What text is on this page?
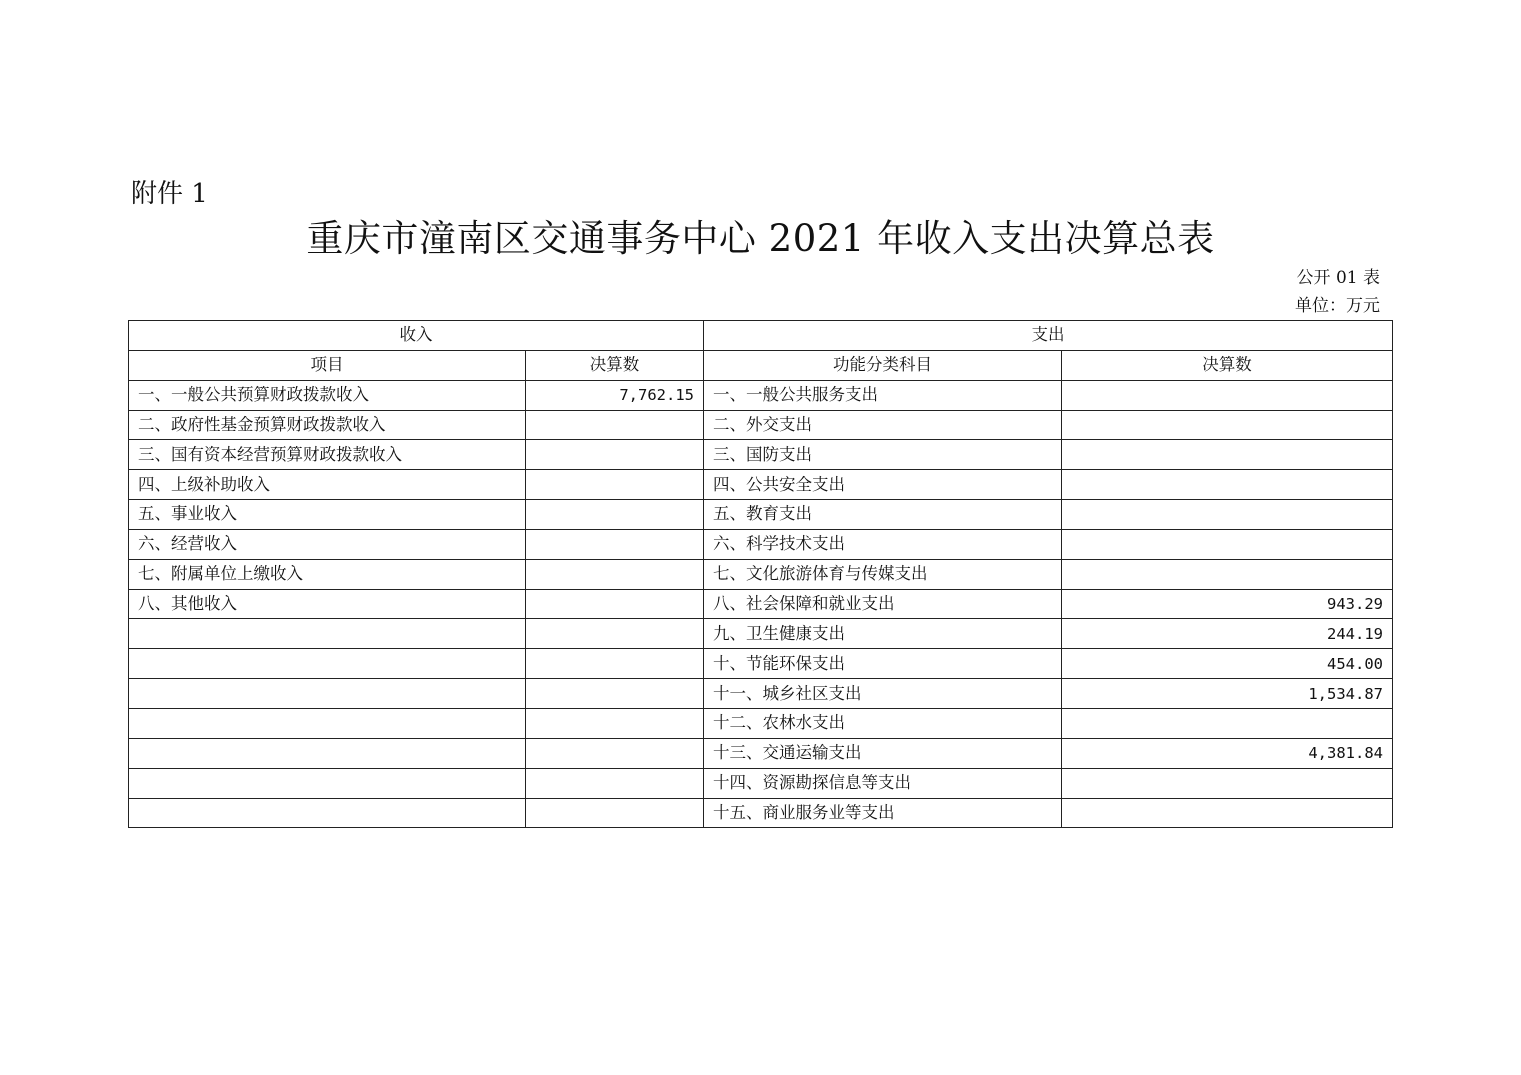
附件 1
重庆市潼南区交通事务中心 2021 年收入支出决算总表
公开 01 表
单位：万元
收入		支出	
项目	决算数	功能分类科目	决算数
一、一般公共预算财政拨款收入	7,762.15	一、一般公共服务支出	
二、政府性基金预算财政拨款收入		二、外交支出	
三、国有资本经营预算财政拨款收入		三、国防支出	
四、上级补助收入		四、公共安全支出	
五、事业收入		五、教育支出	
六、经营收入		六、科学技术支出	
七、附属单位上缴收入		七、文化旅游体育与传媒支出	
八、其他收入		八、社会保障和就业支出	943.29
		九、卫生健康支出	244.19
		十、节能环保支出	454.00
		十一、城乡社区支出	1,534.87
		十二、农林水支出	
		十三、交通运输支出	4,381.84
		十四、资源勘探信息等支出	
		十五、商业服务业等支出	
